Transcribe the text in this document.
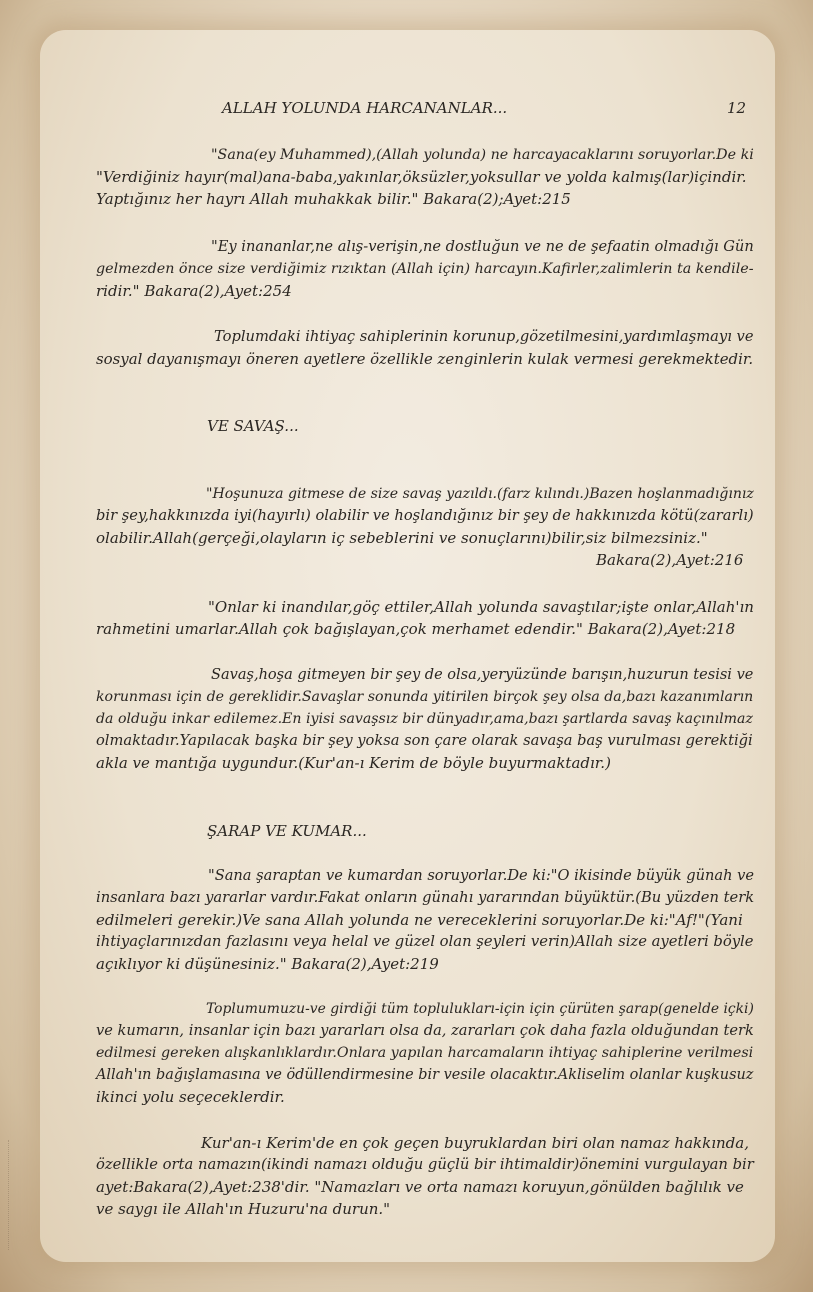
ALLAH YOLUNDA HARCANANLAR...	12
"Sana(ey Muhammed),(Allah yolunda) ne harcayacaklarını soruyorlar.De ki
"Verdiğiniz hayır(mal)ana-baba,yakınlar,öksüzler,yoksullar ve yolda kalmış(lar)içindir.
Yaptığınız her hayrı Allah muhakkak bilir." Bakara(2);Ayet:215
"Ey inananlar,ne alış-verişin,ne dostluğun ve ne de şefaatin olmadığı Gün
gelmezden önce size verdiğimiz rızıktan (Allah için) harcayın.Kafirler,zalimlerin ta kendile-
ridir." Bakara(2),Ayet:254
Toplumdaki ihtiyaç sahiplerinin korunup,gözetilmesini,yardımlaşmayı ve
sosyal dayanışmayı öneren ayetlere özellikle zenginlerin kulak vermesi gerekmektedir.
VE SAVAŞ...
"Hoşunuza gitmese de size savaş yazıldı.(farz kılındı.)Bazen hoşlanmadığınız
bir şey,hakkınızda iyi(hayırlı) olabilir ve hoşlandığınız bir şey de hakkınızda kötü(zararlı)
olabilir.Allah(gerçeği,olayların iç sebeblerini ve sonuçlarını)bilir,siz bilmezsiniz."
Bakara(2),Ayet:216
"Onlar ki inandılar,göç ettiler,Allah yolunda savaştılar;işte onlar,Allah'ın
rahmetini umarlar.Allah çok bağışlayan,çok merhamet edendir." Bakara(2),Ayet:218
Savaş,hoşa gitmeyen bir şey de olsa,yeryüzünde barışın,huzurun tesisi ve
korunması için de gereklidir.Savaşlar sonunda yitirilen birçok şey olsa da,bazı kazanımların
da olduğu inkar edilemez.En iyisi savaşsız bir dünyadır,ama,bazı şartlarda savaş kaçınılmaz
olmaktadır.Yapılacak başka bir şey yoksa son çare olarak savaşa baş vurulması gerektiği
akla ve mantığa uygundur.(Kur'an-ı Kerim de böyle buyurmaktadır.)
ŞARAP VE KUMAR...
"Sana şaraptan ve kumardan soruyorlar.De ki:"O ikisinde büyük günah ve
insanlara bazı yararlar vardır.Fakat onların günahı yararından büyüktür.(Bu yüzden terk
edilmeleri gerekir.)Ve sana Allah yolunda ne vereceklerini soruyorlar.De ki:"Af!"(Yani
ihtiyaçlarınızdan fazlasını veya helal ve güzel olan şeyleri verin)Allah size ayetleri böyle
açıklıyor ki düşünesiniz." Bakara(2),Ayet:219
Toplumumuzu-ve girdiği tüm toplulukları-için için çürüten şarap(genelde içki)
ve kumarın, insanlar için bazı yararları olsa da, zararları çok daha fazla olduğundan terk
edilmesi gereken alışkanlıklardır.Onlara yapılan harcamaların ihtiyaç sahiplerine verilmesi
Allah'ın bağışlamasına ve ödüllendirmesine bir vesile olacaktır.Akliselim olanlar kuşkusuz
ikinci yolu seçeceklerdir.
Kur'an-ı Kerim'de en çok geçen buyruklardan biri olan namaz hakkında,
özellikle orta namazın(ikindi namazı olduğu güçlü bir ihtimaldir)önemini vurgulayan bir
ayet:Bakara(2),Ayet:238'dir. "Namazları ve orta namazı koruyun,gönülden bağlılık ve
ve saygı ile Allah'ın Huzuru'na durun."
